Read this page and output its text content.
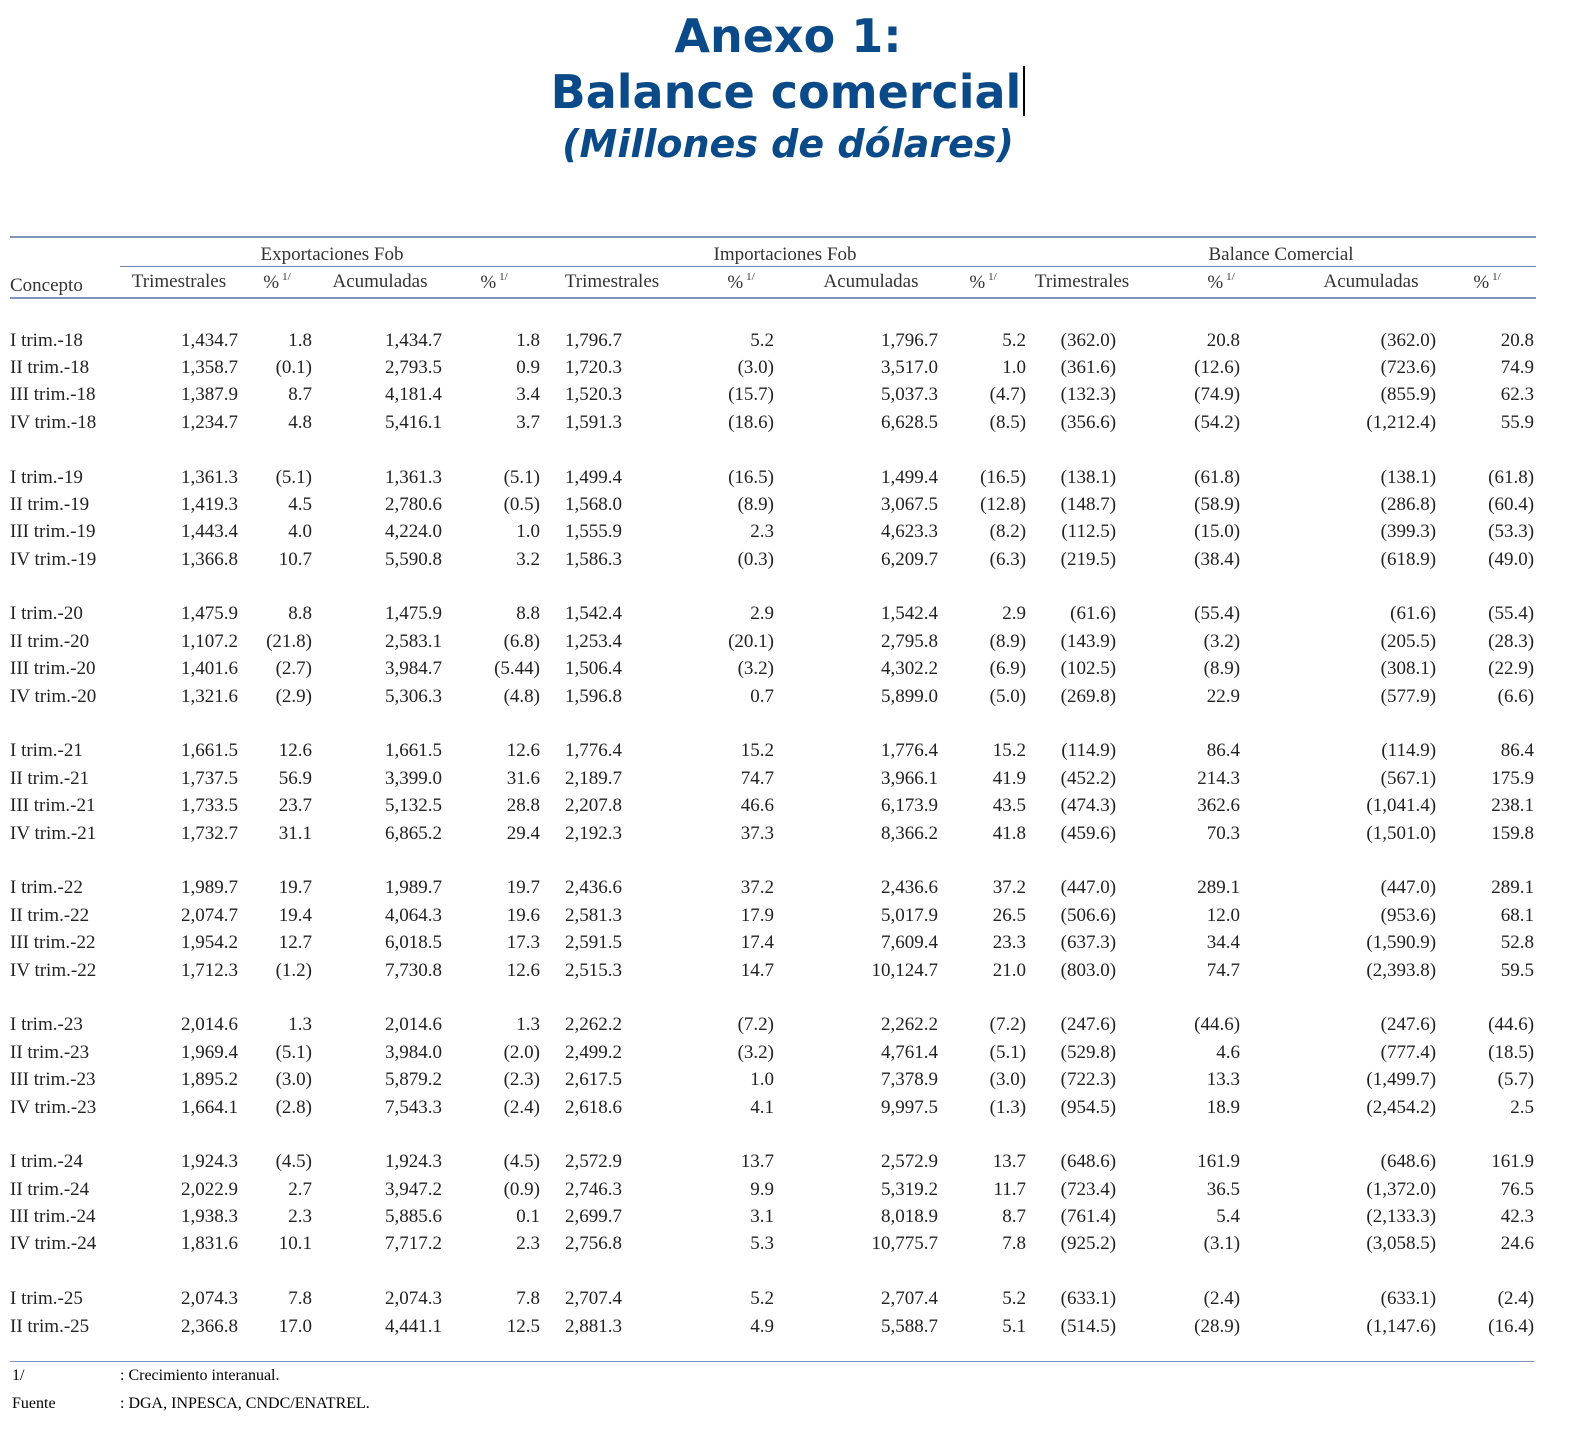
Anexo 1:
Balance comercial
(Millones de dólares)
Concepto	Exportaciones Fob				Importaciones Fob				Balance Comercial			
	Trimestrales	% $^{1/}$	Acumuladas	% $^{1/}$	Trimestrales	% $^{1/}$	Acumuladas	% $^{1/}$	Trimestrales	% $^{1/}$	Acumuladas	% $^{1/}$

I trim.-18	1,434.7	1.8	1,434.7	1.8	1,796.7	5.2	1,796.7	5.2	(362.0)	20.8	(362.0)	20.8
II trim.-18	1,358.7	(0.1)	2,793.5	0.9	1,720.3	(3.0)	3,517.0	1.0	(361.6)	(12.6)	(723.6)	74.9
III trim.-18	1,387.9	8.7	4,181.4	3.4	1,520.3	(15.7)	5,037.3	(4.7)	(132.3)	(74.9)	(855.9)	62.3
IV trim.-18	1,234.7	4.8	5,416.1	3.7	1,591.3	(18.6)	6,628.5	(8.5)	(356.6)	(54.2)	(1,212.4)	55.9

I trim.-19	1,361.3	(5.1)	1,361.3	(5.1)	1,499.4	(16.5)	1,499.4	(16.5)	(138.1)	(61.8)	(138.1)	(61.8)
II trim.-19	1,419.3	4.5	2,780.6	(0.5)	1,568.0	(8.9)	3,067.5	(12.8)	(148.7)	(58.9)	(286.8)	(60.4)
III trim.-19	1,443.4	4.0	4,224.0	1.0	1,555.9	2.3	4,623.3	(8.2)	(112.5)	(15.0)	(399.3)	(53.3)
IV trim.-19	1,366.8	10.7	5,590.8	3.2	1,586.3	(0.3)	6,209.7	(6.3)	(219.5)	(38.4)	(618.9)	(49.0)

I trim.-20	1,475.9	8.8	1,475.9	8.8	1,542.4	2.9	1,542.4	2.9	(61.6)	(55.4)	(61.6)	(55.4)
II trim.-20	1,107.2	(21.8)	2,583.1	(6.8)	1,253.4	(20.1)	2,795.8	(8.9)	(143.9)	(3.2)	(205.5)	(28.3)
III trim.-20	1,401.6	(2.7)	3,984.7	(5.44)	1,506.4	(3.2)	4,302.2	(6.9)	(102.5)	(8.9)	(308.1)	(22.9)
IV trim.-20	1,321.6	(2.9)	5,306.3	(4.8)	1,596.8	0.7	5,899.0	(5.0)	(269.8)	22.9	(577.9)	(6.6)

I trim.-21	1,661.5	12.6	1,661.5	12.6	1,776.4	15.2	1,776.4	15.2	(114.9)	86.4	(114.9)	86.4
II trim.-21	1,737.5	56.9	3,399.0	31.6	2,189.7	74.7	3,966.1	41.9	(452.2)	214.3	(567.1)	175.9
III trim.-21	1,733.5	23.7	5,132.5	28.8	2,207.8	46.6	6,173.9	43.5	(474.3)	362.6	(1,041.4)	238.1
IV trim.-21	1,732.7	31.1	6,865.2	29.4	2,192.3	37.3	8,366.2	41.8	(459.6)	70.3	(1,501.0)	159.8

I trim.-22	1,989.7	19.7	1,989.7	19.7	2,436.6	37.2	2,436.6	37.2	(447.0)	289.1	(447.0)	289.1
II trim.-22	2,074.7	19.4	4,064.3	19.6	2,581.3	17.9	5,017.9	26.5	(506.6)	12.0	(953.6)	68.1
III trim.-22	1,954.2	12.7	6,018.5	17.3	2,591.5	17.4	7,609.4	23.3	(637.3)	34.4	(1,590.9)	52.8
IV trim.-22	1,712.3	(1.2)	7,730.8	12.6	2,515.3	14.7	10,124.7	21.0	(803.0)	74.7	(2,393.8)	59.5

I trim.-23	2,014.6	1.3	2,014.6	1.3	2,262.2	(7.2)	2,262.2	(7.2)	(247.6)	(44.6)	(247.6)	(44.6)
II trim.-23	1,969.4	(5.1)	3,984.0	(2.0)	2,499.2	(3.2)	4,761.4	(5.1)	(529.8)	4.6	(777.4)	(18.5)
III trim.-23	1,895.2	(3.0)	5,879.2	(2.3)	2,617.5	1.0	7,378.9	(3.0)	(722.3)	13.3	(1,499.7)	(5.7)
IV trim.-23	1,664.1	(2.8)	7,543.3	(2.4)	2,618.6	4.1	9,997.5	(1.3)	(954.5)	18.9	(2,454.2)	2.5

I trim.-24	1,924.3	(4.5)	1,924.3	(4.5)	2,572.9	13.7	2,572.9	13.7	(648.6)	161.9	(648.6)	161.9
II trim.-24	2,022.9	2.7	3,947.2	(0.9)	2,746.3	9.9	5,319.2	11.7	(723.4)	36.5	(1,372.0)	76.5
III trim.-24	1,938.3	2.3	5,885.6	0.1	2,699.7	3.1	8,018.9	8.7	(761.4)	5.4	(2,133.3)	42.3
IV trim.-24	1,831.6	10.1	7,717.2	2.3	2,756.8	5.3	10,775.7	7.8	(925.2)	(3.1)	(3,058.5)	24.6

I trim.-25	2,074.3	7.8	2,074.3	7.8	2,707.4	5.2	2,707.4	5.2	(633.1)	(2.4)	(633.1)	(2.4)
II trim.-25	2,366.8	17.0	4,441.1	12.5	2,881.3	4.9	5,588.7	5.1	(514.5)	(28.9)	(1,147.6)	(16.4)
1/	: Crecimiento interanual.
Fuente	: DGA, INPESCA, CNDC/ENATREL.
